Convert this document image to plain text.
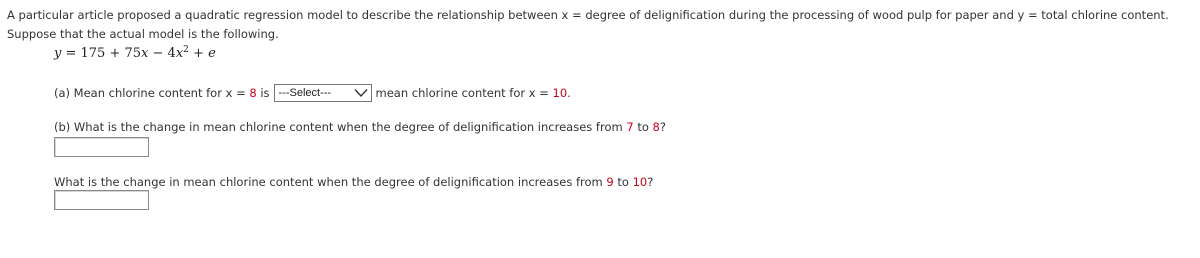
A particular article proposed a quadratic regression model to describe the relationship between x = degree of delignification during the processing of wood pulp for paper and y = total chlorine content.
Suppose that the actual model is the following.
$y = 175 + 75x - 4x^2 + e$
(a) Mean chlorine content for x = 8 is ---Select---	mean chlorine content for x = 10 .
(b) What is the change in mean chlorine content when the degree of delignification increases from 7 to 8?
What is the change in mean chlorine content when the degree of delignification increases from 9 to 10?
